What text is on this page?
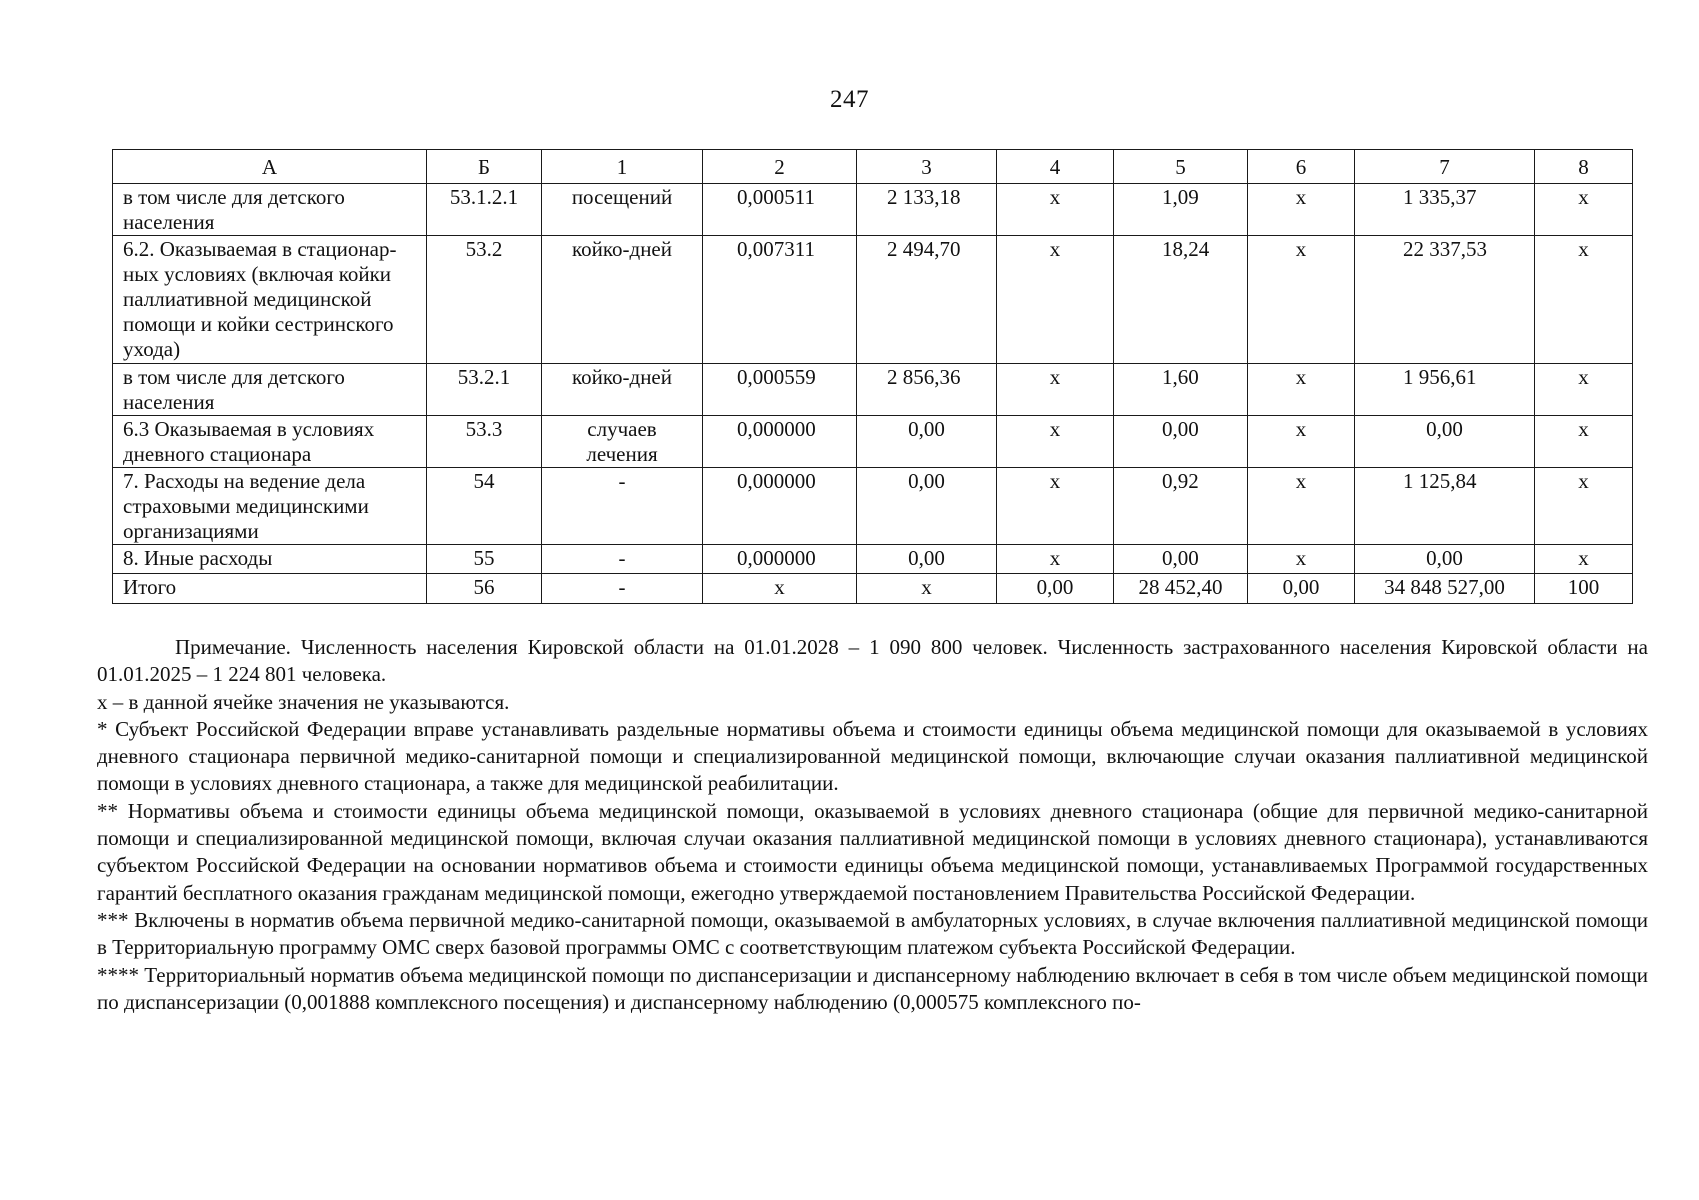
247
А	Б	1	2	3	4	5	6	7	8
в том числе для детского населения	53.1.2.1	посещений	0,000511	2 133,18	х	1,09	х	1 335,37	х
6.2. Оказываемая в стационар-ных условиях (включая койки паллиативной медицинской помощи и койки сестринского ухода)	53.2	койко-дней	0,007311	2 494,70	х	18,24	х	22 337,53	х
в том числе для детского населения	53.2.1	койко-дней	0,000559	2 856,36	х	1,60	х	1 956,61	х
6.3 Оказываемая в условиях дневного стационара	53.3	случаев лечения	0,000000	0,00	х	0,00	х	0,00	х
7. Расходы на ведение дела страховыми медицинскими организациями	54	-	0,000000	0,00	х	0,92	х	1 125,84	х
8. Иные расходы	55	-	0,000000	0,00	х	0,00	х	0,00	х
Итого	56	-	х	х	0,00	28 452,40	0,00	34 848 527,00	100

Примечание. Численность населения Кировской области на 01.01.2028 – 1 090 800 человек. Численность застрахованного населения Кировской области на 01.01.2025 – 1 224 801 человека.

х – в данной ячейке значения не указываются.

* Субъект Российской Федерации вправе устанавливать раздельные нормативы объема и стоимости единицы объема медицинской помощи для оказываемой в условиях дневного стационара первичной медико-санитарной помощи и специализированной медицинской помощи, включающие случаи оказания паллиативной медицинской помощи в условиях дневного стационара, а также для медицинской реабилитации.

** Нормативы объема и стоимости единицы объема медицинской помощи, оказываемой в условиях дневного стационара (общие для первичной медико-санитарной помощи и специализированной медицинской помощи, включая случаи оказания паллиативной медицинской помощи в условиях дневного стационара), устанавливаются субъектом Российской Федерации на основании нормативов объема и стоимости единицы объема медицинской помощи, устанавливаемых Программой государственных гарантий бесплатного оказания гражданам медицинской помощи, ежегодно утверждаемой постановлением Правительства Российской Федерации.

*** Включены в норматив объема первичной медико-санитарной помощи, оказываемой в амбулаторных условиях, в случае включения паллиативной медицинской помощи в Территориальную программу ОМС сверх базовой программы ОМС с соответствующим платежом субъекта Российской Федерации.

**** Территориальный норматив объема медицинской помощи по диспансеризации и диспансерному наблюдению включает в себя в том числе объем медицинской помощи по диспансеризации (0,001888 комплексного посещения) и диспансерному наблюдению (0,000575 комплексного по-
